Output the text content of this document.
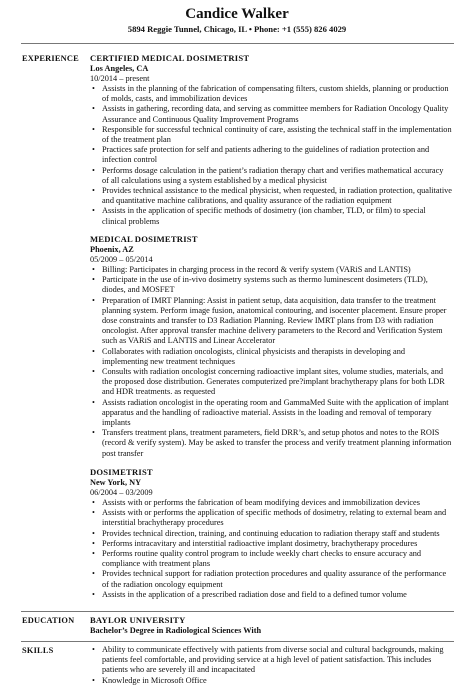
Candice Walker
5894 Reggie Tunnel, Chicago, IL • Phone: +1 (555) 826 4029
EXPERIENCE CERTIFIED MEDICAL DOSIMETRIST
Los Angeles, CA
10/2014 – present
• Assists in the planning of the fabrication of compensating filters, custom shields, planning or production of molds, casts, and immobilization devices
• Assists in gathering, recording data, and serving as committee members for Radiation Oncology Quality Assurance and Continuous Quality Improvement Programs
• Responsible for successful technical continuity of care, assisting the technical staff in the implementation of the treatment plan
• Practices safe protection for self and patients adhering to the guidelines of radiation protection and infection control
• Performs dosage calculation in the patient’s radiation therapy chart and verifies mathematical accuracy of all calculations using a system established by a medical physicist
• Provides technical assistance to the medical physicist, when requested, in radiation protection, qualitative and quantitative machine calibrations, and quality assurance of the radiation equipment
• Assists in the application of specific methods of dosimetry (ion chamber, TLD, or film) to special clinical problems
MEDICAL DOSIMETRIST
Phoenix, AZ
05/2009 – 05/2014
• Billing: Participates in charging process in the record & verify system (VARiS and LANTIS)
• Participate in the use of in-vivo dosimetry systems such as thermo luminescent dosimeters (TLD), diodes, and MOSFET
• Preparation of IMRT Planning: Assist in patient setup, data acquisition, data transfer to the treatment planning system. Perform image fusion, anatomical contouring, and isocenter placement. Ensure proper dose constraints and transfer to D3 Radiation Planning. Review IMRT plans from D3 with radiation oncologist. After approval transfer machine delivery parameters to the Record and Verification System such as VARiS and LANTIS and Linear Accelerator
• Collaborates with radiation oncologists, clinical physicists and therapists in developing and implementing new treatment techniques
• Consults with radiation oncologist concerning radioactive implant sites, volume studies, materials, and the proposed dose distribution. Generates computerized pre?implant brachytherapy plans for both LDR and HDR treatments. as requested
• Assists radiation oncologist in the operating room and GammaMed Suite with the application of implant apparatus and the handling of radioactive material. Assists in the loading and removal of temporary implants
• Transfers treatment plans, treatment parameters, field DRR’s, and setup photos and notes to the ROIS (record & verify system). May be asked to transfer the process and verify treatment planning information post transfer
DOSIMETRIST
New York, NY
06/2004 – 03/2009
• Assists with or performs the fabrication of beam modifying devices and immobilization devices
• Assists with or performs the application of specific methods of dosimetry, relating to external beam and interstitial brachytherapy procedures
• Provides technical direction, training, and continuing education to radiation therapy staff and students
• Performs intracavitary and interstitial radioactive implant dosimetry, brachytherapy procedures
• Performs routine quality control program to include weekly chart checks to ensure accuracy and compliance with treatment plans
• Provides technical support for radiation protection procedures and quality assurance of the performance of the radiation oncology equipment
• Assists in the application of a prescribed radiation dose and field to a defined tumor volume
EDUCATION BAYLOR UNIVERSITY
Bachelor’s Degree in Radiological Sciences With
SKILLS
•	Ability to communicate effectively with patients from diverse social and cultural backgrounds, making patients feel comfortable, and providing service at a high level of patient satisfaction. This includes patients who are severely ill and incapacitated
• Knowledge in Microsoft Office
